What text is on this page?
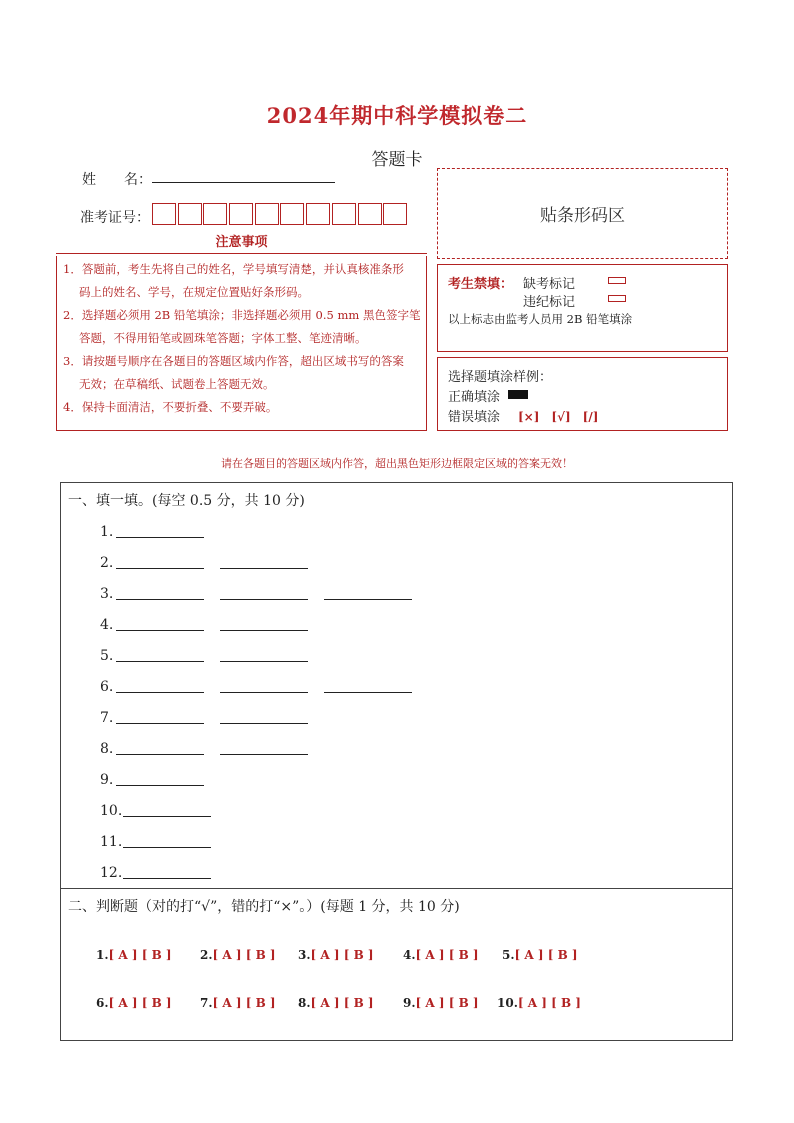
2024年期中科学模拟卷二
答题卡
姓　　名：
准考证号：	贴条形码区
注意事项
1．答题前，考生先将自己的姓名，学号填写清楚，并认真核准条形
码上的姓名、学号，在规定位置贴好条形码。
2．选择题必须用 2B 铅笔填涂；非选择题必须用 0.5 mm 黑色签字笔
答题，不得用铅笔或圆珠笔答题；字体工整、笔迹清晰。
3．请按题号顺序在各题目的答题区域内作答，超出区域书写的答案
无效；在草稿纸、试题卷上答题无效。
4．保持卡面清洁，不要折叠、不要弄破。
考生禁填： 缺考标记
违纪标记
以上标志由监考人员用 2B 铅笔填涂
选择题填涂样例：
正确填涂
错误填涂 [×]　[√]　[/]
请在各题目的答题区域内作答，超出黑色矩形边框限定区域的答案无效！
一、填一填。(每空 0.5 分，共 10 分)
1.
2.
3.
4.
5.
6.
7.
8.
9.
10.
11.
12.
二、判断题（对的打“√”，错的打“×”。）(每题 1 分，共 10 分)
1.[ A ] [ B ] 2.[ A ] [ B ] 3.[ A ] [ B ] 4.[ A ] [ B ] 5.[ A ] [ B ]
6.[ A ] [ B ] 7.[ A ] [ B ] 8.[ A ] [ B ] 9.[ A ] [ B ] 10.[ A ] [ B ]
